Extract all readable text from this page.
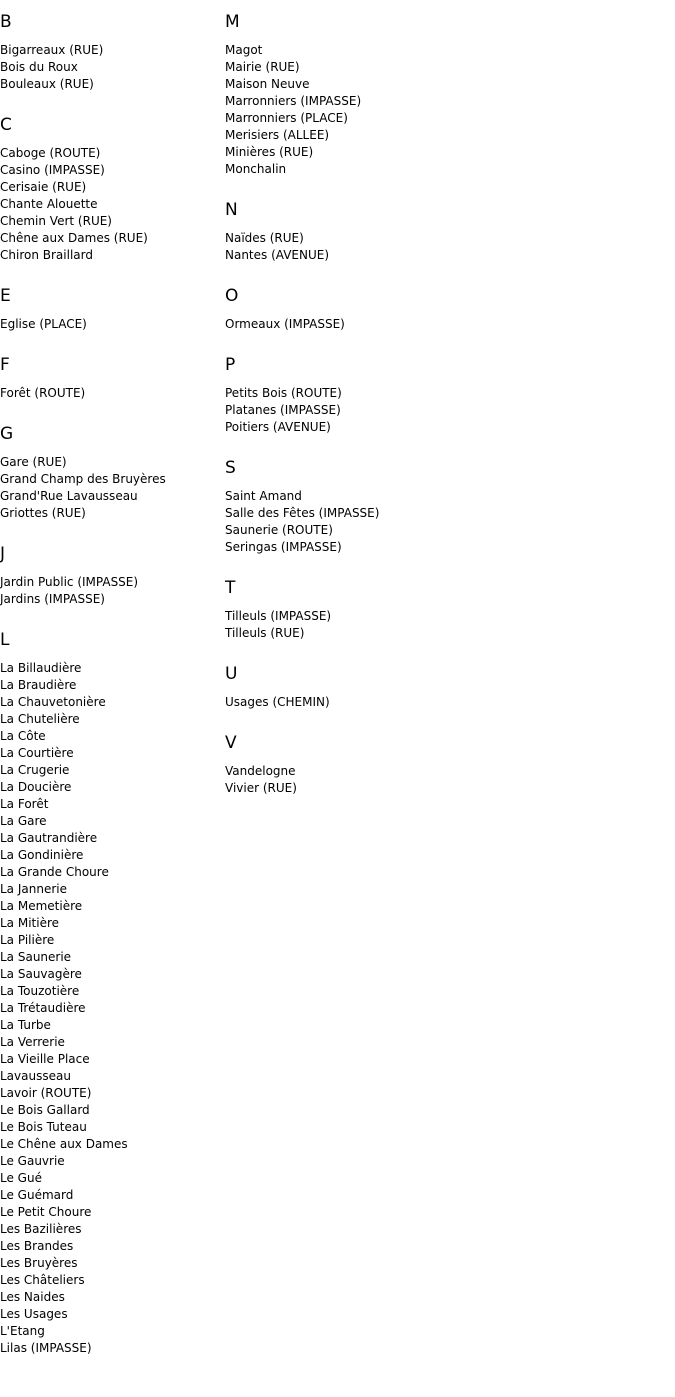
B
Bigarreaux (RUE)
Bois du Roux
Bouleaux (RUE)
C
Caboge (ROUTE)
Casino (IMPASSE)
Cerisaie (RUE)
Chante Alouette
Chemin Vert (RUE)
Chêne aux Dames (RUE)
Chiron Braillard
E
Eglise (PLACE)
F
Forêt (ROUTE)
G
Gare (RUE)
Grand Champ des Bruyères
Grand'Rue Lavausseau
Griottes (RUE)
J
Jardin Public (IMPASSE)
Jardins (IMPASSE)
L
La Billaudière
La Braudière
La Chauvetonière
La Chutelière
La Côte
La Courtière
La Crugerie
La Doucière
La Forêt
La Gare
La Gautrandière
La Gondinière
La Grande Choure
La Jannerie
La Memetière
La Mitière
La Pilière
La Saunerie
La Sauvagère
La Touzotière
La Trétaudière
La Turbe
La Verrerie
La Vieille Place
Lavausseau
Lavoir (ROUTE)
Le Bois Gallard
Le Bois Tuteau
Le Chêne aux Dames
Le Gauvrie
Le Gué
Le Guémard
Le Petit Choure
Les Bazilières
Les Brandes
Les Bruyères
Les Châteliers
Les Naides
Les Usages
L'Etang
Lilas (IMPASSE)
M
Magot
Mairie (RUE)
Maison Neuve
Marronniers (IMPASSE)
Marronniers (PLACE)
Merisiers (ALLEE)
Minières (RUE)
Monchalin
N
Naïdes (RUE)
Nantes (AVENUE)
O
Ormeaux (IMPASSE)
P
Petits Bois (ROUTE)
Platanes (IMPASSE)
Poitiers (AVENUE)
S
Saint Amand
Salle des Fêtes (IMPASSE)
Saunerie (ROUTE)
Seringas (IMPASSE)
T
Tilleuls (IMPASSE)
Tilleuls (RUE)
U
Usages (CHEMIN)
V
Vandelogne
Vivier (RUE)
